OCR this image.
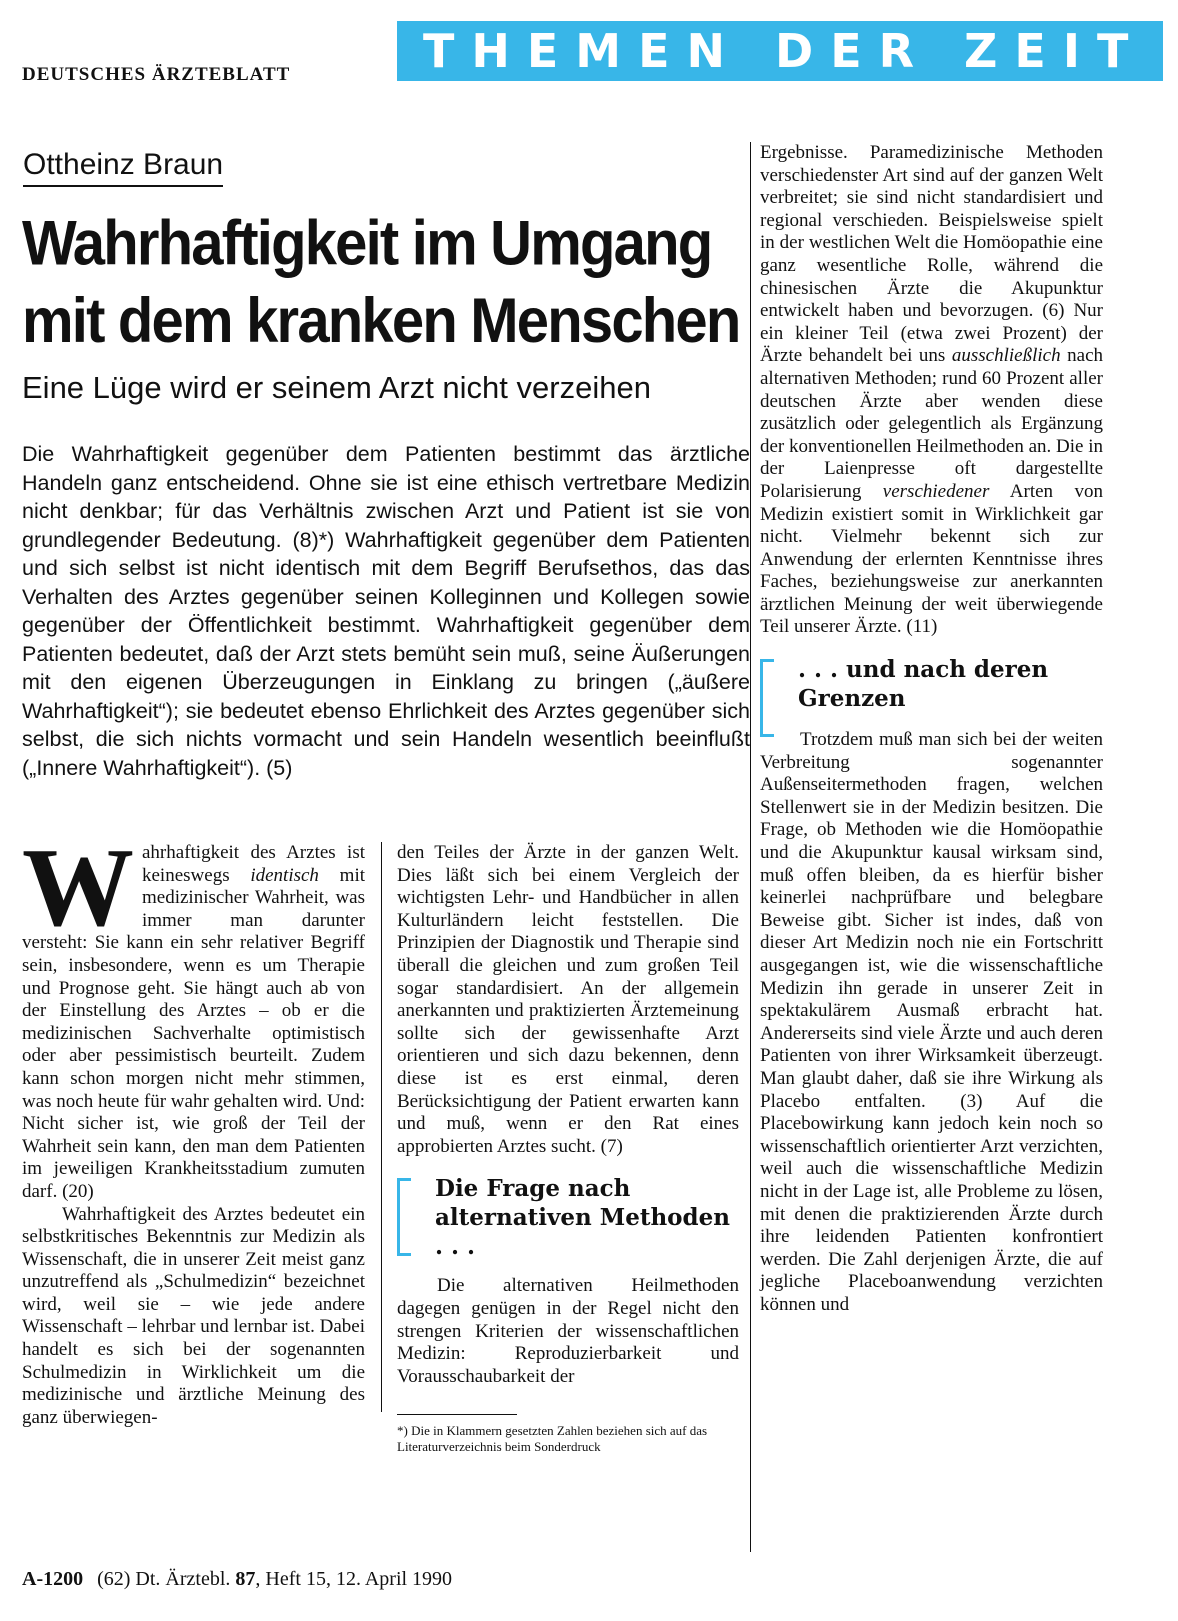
DEUTSCHES ÄRZTEBLATT	THEMEN DER ZEIT
Ottheinz Braun
Wahrhaftigkeit im Umgang
mit dem kranken Menschen
Eine Lüge wird er seinem Arzt nicht verzeihen
Die Wahrhaftigkeit gegenüber dem Patienten bestimmt das ärztliche Handeln ganz entscheidend. Ohne sie ist eine ethisch vertretbare Medizin nicht denkbar; für das Verhältnis zwischen Arzt und Patient ist sie von grundlegender Bedeutung. (8)*) Wahrhaftigkeit gegenüber dem Patienten und sich selbst ist nicht identisch mit dem Begriff Berufsethos, das das Verhalten des Arztes gegenüber seinen Kolleginnen und Kollegen sowie gegenüber der Öffentlichkeit bestimmt. Wahrhaftigkeit gegenüber dem Patienten bedeutet, daß der Arzt stets bemüht sein muß, seine Äußerungen mit den eigenen Überzeugungen in Einklang zu bringen („äußere Wahrhaftigkeit“); sie bedeutet ebenso Ehrlichkeit des Arztes gegenüber sich selbst, die sich nichts vormacht und sein Handeln wesentlich beeinflußt („Innere Wahrhaftigkeit“). (5)

Wahrhaftigkeit des Arztes ist keineswegs identisch mit medizinischer Wahrheit, was immer man darunter versteht: Sie kann ein sehr relativer Begriff sein, insbesondere, wenn es um Therapie und Prognose geht. Sie hängt auch ab von der Einstellung des Arztes – ob er die medizinischen Sachverhalte optimistisch oder aber pessimistisch beurteilt. Zudem kann schon morgen nicht mehr stimmen, was noch heute für wahr gehalten wird. Und: Nicht sicher ist, wie groß der Teil der Wahrheit sein kann, den man dem Patienten im jeweiligen Krankheitsstadium zumuten darf. (20)

Wahrhaftigkeit des Arztes bedeutet ein selbstkritisches Bekenntnis zur Medizin als Wissenschaft, die in unserer Zeit meist ganz unzutreffend als „Schulmedizin“ bezeichnet wird, weil sie – wie jede andere Wissenschaft – lehrbar und lernbar ist. Dabei handelt es sich bei der sogenannten Schulmedizin in Wirklichkeit um die medizinische und ärztliche Meinung des ganz überwiegen-

den Teiles der Ärzte in der ganzen Welt. Dies läßt sich bei einem Vergleich der wichtigsten Lehr- und Handbücher in allen Kulturländern leicht feststellen. Die Prinzipien der Diagnostik und Therapie sind überall die gleichen und zum großen Teil sogar standardisiert. An der allgemein anerkannten und praktizierten Ärztemeinung sollte sich der gewissenhafte Arzt orientieren und sich dazu bekennen, denn diese ist es erst einmal, deren Berücksichtigung der Patient erwarten kann und muß, wenn er den Rat eines approbierten Arztes sucht. (7)

Die Frage nach alternativen Methoden . . .

Die alternativen Heilmethoden dagegen genügen in der Regel nicht den strengen Kriterien der wissenschaftlichen Medizin: Reproduzierbarkeit und Vorausschaubarkeit der

*) Die in Klammern gesetzten Zahlen beziehen sich auf das Literaturverzeichnis beim Sonderdruck

Ergebnisse. Paramedizinische Methoden verschiedenster Art sind auf der ganzen Welt verbreitet; sie sind nicht standardisiert und regional verschieden. Beispielsweise spielt in der westlichen Welt die Homöopathie eine ganz wesentliche Rolle, während die chinesischen Ärzte die Akupunktur entwickelt haben und bevorzugen. (6) Nur ein kleiner Teil (etwa zwei Prozent) der Ärzte behandelt bei uns ausschließlich nach alternativen Methoden; rund 60 Prozent aller deutschen Ärzte aber wenden diese zusätzlich oder gelegentlich als Ergänzung der konventionellen Heilmethoden an. Die in der Laienpresse oft dargestellte Polarisierung verschiedener Arten von Medizin existiert somit in Wirklichkeit gar nicht. Vielmehr bekennt sich zur Anwendung der erlernten Kenntnisse ihres Faches, beziehungsweise zur anerkannten ärztlichen Meinung der weit überwiegende Teil unserer Ärzte. (11)

. . . und nach deren Grenzen

Trotzdem muß man sich bei der weiten Verbreitung sogenannter Außenseitermethoden fragen, welchen Stellenwert sie in der Medizin besitzen. Die Frage, ob Methoden wie die Homöopathie und die Akupunktur kausal wirksam sind, muß offen bleiben, da es hierfür bisher keinerlei nachprüfbare und belegbare Beweise gibt. Sicher ist indes, daß von dieser Art Medizin noch nie ein Fortschritt ausgegangen ist, wie die wissenschaftliche Medizin ihn gerade in unserer Zeit in spektakulärem Ausmaß erbracht hat. Andererseits sind viele Ärzte und auch deren Patienten von ihrer Wirksamkeit überzeugt. Man glaubt daher, daß sie ihre Wirkung als Placebo entfalten. (3) Auf die Placebowirkung kann jedoch kein noch so wissenschaftlich orientierter Arzt verzichten, weil auch die wissenschaftliche Medizin nicht in der Lage ist, alle Probleme zu lösen, mit denen die praktizierenden Ärzte durch ihre leidenden Patienten konfrontiert werden. Die Zahl derjenigen Ärzte, die auf jegliche Placeboanwendung verzichten können und

A-1200 (62) Dt. Ärztebl. 87, Heft 15, 12. April 1990
